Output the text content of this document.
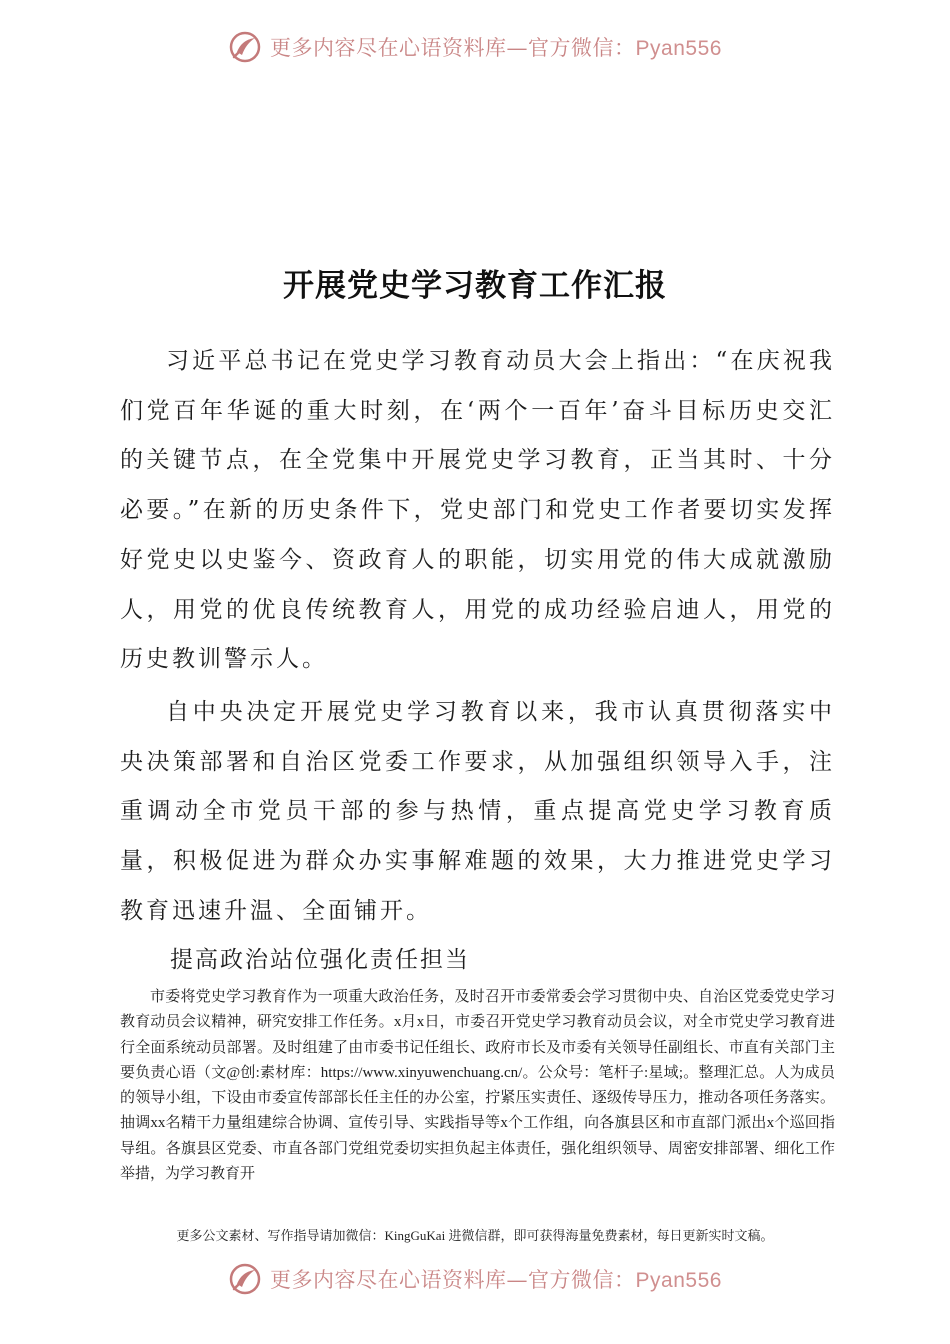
更多内容尽在心语资料库—官方微信：Pyan556
开展党史学习教育工作汇报

习近平总书记在党史学习教育动员大会上指出：“在庆祝我们党百年华诞的重大时刻，在‘两个一百年’奋斗目标历史交汇的关键节点，在全党集中开展党史学习教育，正当其时、十分必要。”在新的历史条件下，党史部门和党史工作者要切实发挥好党史以史鉴今、资政育人的职能，切实用党的伟大成就激励人，用党的优良传统教育人，用党的成功经验启迪人，用党的历史教训警示人。

自中央决定开展党史学习教育以来，我市认真贯彻落实中央决策部署和自治区党委工作要求，从加强组织领导入手，注重调动全市党员干部的参与热情，重点提高党史学习教育质量，积极促进为群众办实事解难题的效果，大力推进党史学习教育迅速升温、全面铺开。

提高政治站位强化责任担当

市委将党史学习教育作为一项重大政治任务，及时召开市委常委会学习贯彻中央、自治区党委党史学习教育动员会议精神，研究安排工作任务。x月x日，市委召开党史学习教育动员会议，对全市党史学习教育进行全面系统动员部署。及时组建了由市委书记任组长、政府市长及市委有关领导任副组长、市直有关部门主要负责心语（文@创:素材库：https://www.xinyuwenchuang.cn/。公众号：笔杆子:星域;。整理汇总。人为成员的领导小组，下设由市委宣传部部长任主任的办公室，拧紧压实责任、逐级传导压力，推动各项任务落实。抽调xx名精干力量组建综合协调、宣传引导、实践指导等x个工作组，向各旗县区和市直部门派出x个巡回指导组。各旗县区党委、市直各部门党组党委切实担负起主体责任，强化组织领导、周密安排部署、细化工作举措，为学习教育开

更多公文素材、写作指导请加微信：KingGuKai 进微信群，即可获得海量免费素材，每日更新实时文稿。
更多内容尽在心语资料库—官方微信：Pyan556
